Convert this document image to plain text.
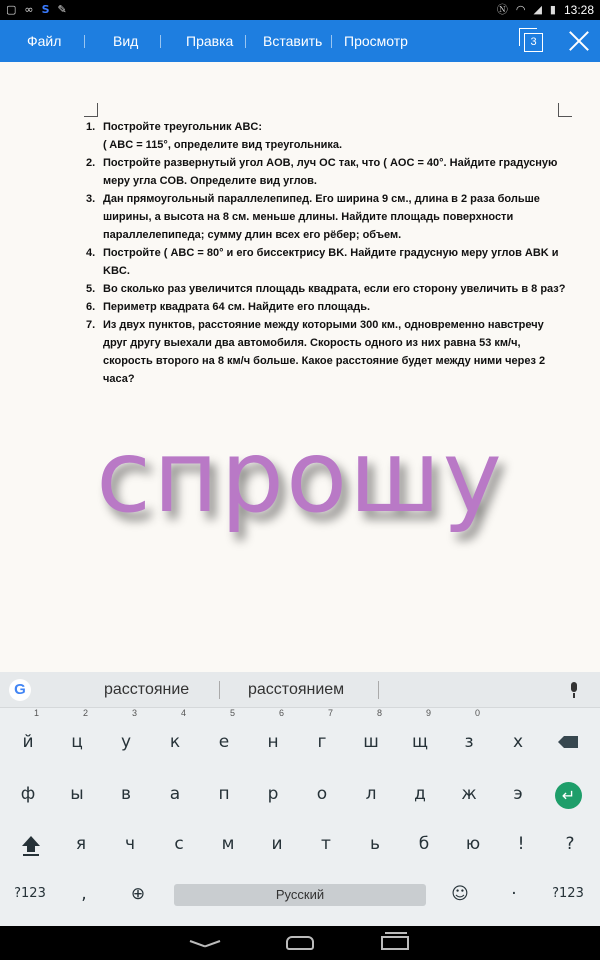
▢ ∞ S ✎	Ⓝ ◠ ◢ ▮ 13:28
Файл	Вид	Правка Вставить Просмотр	3
1. Постройте треугольник ABC:
( ABC = 115°, определите вид треугольника.
2. Постройте развернутый угол AOB, луч OC так, что ( AOC = 40°. Найдите градусную меру угла COB. Определите вид углов.
3. Дан прямоугольный параллелепипед. Его ширина 9 см., длина в 2 раза больше ширины, а высота на 8 см. меньше длины. Найдите площадь поверхности параллелепипеда; сумму длин всех его рёбер; объем.
4. Постройте ( ABC = 80° и его биссектрису BK. Найдите градусную меру углов ABK и KBC.
5. Во сколько раз увеличится площадь квадрата, если его сторону увеличить в 8 раз?
6. Периметр квадрата 64 см. Найдите его площадь.
7. Из двух пунктов, расстояние между которыми 300 км., одновременно навстречу друг другу выехали два автомобиля. Скорость одного из них равна 53 км/ч, скорость второго на 8 км/ч больше. Какое расстояние будет между ними через 2 часа?
спрошу
G	расстояние	расстоянием
й
1
ц
2
у
3
к
4
е
5
н
6
г
7
ш
8
щ
9
з
0
х
ф	ы	в	а	п	р	о	л	д	ж	э	↵
я	ч	с	м	и	т	ь	б	ю	!	?
?123	,	⊕	Русский	☺	·	?123
